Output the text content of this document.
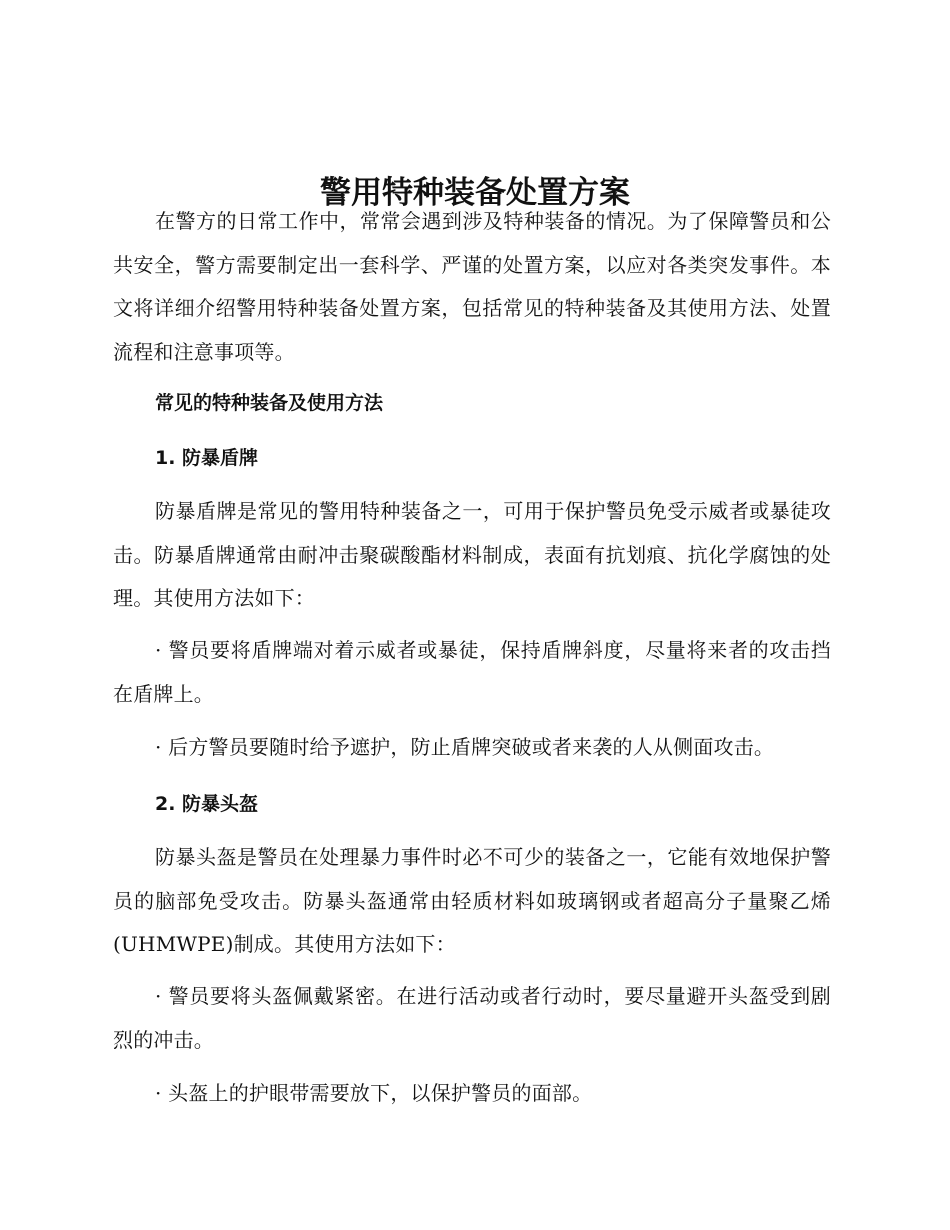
警用特种装备处置方案

在警方的日常工作中，常常会遇到涉及特种装备的情况。为了保障警员和公共安全，警方需要制定出一套科学、严谨的处置方案，以应对各类突发事件。本文将详细介绍警用特种装备处置方案，包括常见的特种装备及其使用方法、处置流程和注意事项等。

常见的特种装备及使用方法
1. 防暴盾牌

防暴盾牌是常见的警用特种装备之一，可用于保护警员免受示威者或暴徒攻击。防暴盾牌通常由耐冲击聚碳酸酯材料制成，表面有抗划痕、抗化学腐蚀的处理。其使用方法如下：

· 警员要将盾牌端对着示威者或暴徒，保持盾牌斜度，尽量将来者的攻击挡在盾牌上。

· 后方警员要随时给予遮护，防止盾牌突破或者来袭的人从侧面攻击。

2. 防暴头盔

防暴头盔是警员在处理暴力事件时必不可少的装备之一，它能有效地保护警员的脑部免受攻击。防暴头盔通常由轻质材料如玻璃钢或者超高分子量聚乙烯(UHMWPE)制成。其使用方法如下：

· 警员要将头盔佩戴紧密。在进行活动或者行动时，要尽量避开头盔受到剧烈的冲击。

· 头盔上的护眼带需要放下，以保护警员的面部。
